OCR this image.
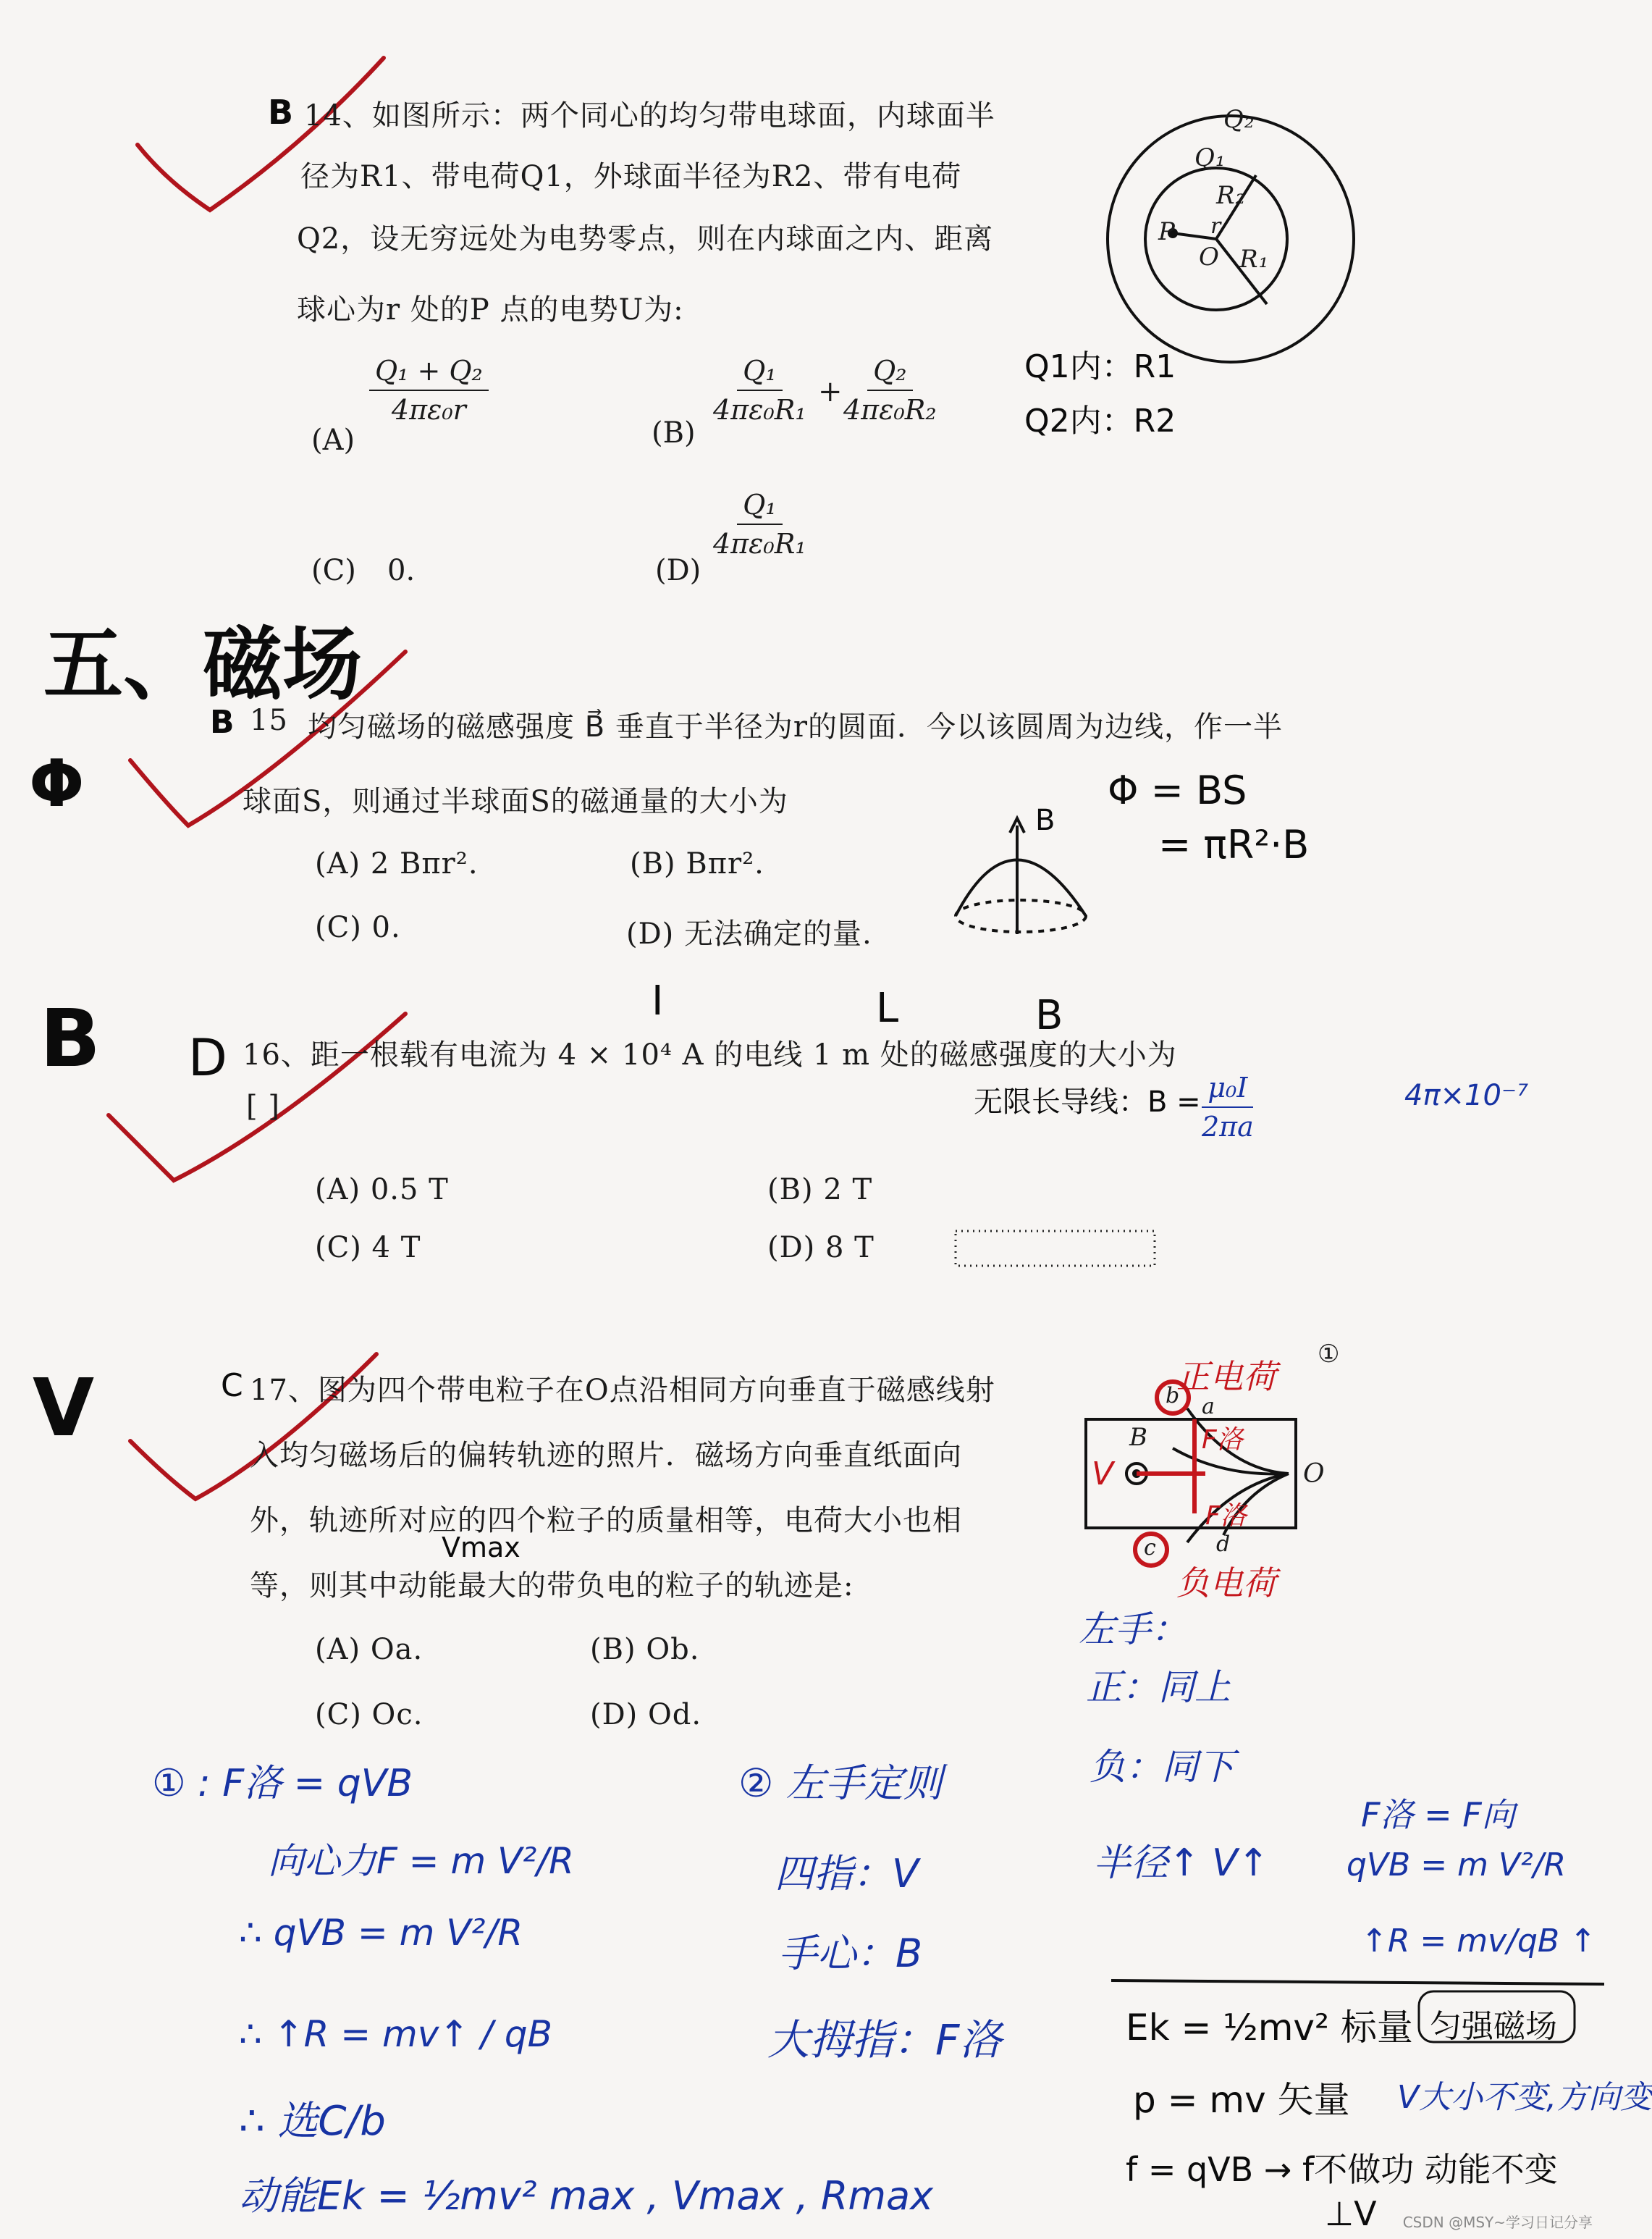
B 14、如图所示：两个同心的均匀带电球面，内球面半
径为R1、带电荷Q1，外球面半径为R2、带有电荷
Q2，设无穷远处为电势零点，则在内球面之内、距离
球心为r 处的P 点的电势U为:
(A)
$\frac{\text{Q₁ + Q₂}}{\text{4πε₀r}}$
(B)
$\frac{\text{Q₁}}{\text{4πε₀R₁}} + \frac{\text{Q₂}}{\text{4πε₀R₂}}$
(C) 0.	(D)
$\frac{\text{Q₁}}{\text{4πε₀R₁}}$
Q₂
Q₁
R₂
P r
O R₁
Q1内：R1
Q2内：R2
五、磁场
Φ
B 15 均匀磁场的磁感强度 B⃗ 垂直于半径为r的圆面．今以该圆周为边线，作一半
球面S，则通过半球面S的磁通量的大小为
(A) 2 Bπr².	(B) Bπr².
(C) 0.	(D) 无法确定的量.
B
Φ = BS
= πR²·B
B D
I	L	B
16、距一根载有电流为 4 × 10⁴ A 的电线 1 m 处的磁感强度的大小为
[ ]
(A) 0.5 T	(B) 2 T
(C) 4 T	(D) 8 T
无限长导线：$B = \frac{\text{μ₀I}}{2\pi a}$	4π×10⁻⁷
V	C 17、图为四个带电粒子在O点沿相同方向垂直于磁感线射
入均匀磁场后的偏转轨迹的照片．磁场方向垂直纸面向
外，轨迹所对应的四个粒子的质量相等，电荷大小也相
等，则其中动能最大的带负电的粒子的轨迹是:
Vmax
(A) Oa.	(B) Ob.
(C) Oc.	(D) Od.
B
O
b a
c	d
V
F洛
F洛
正电荷
负电荷
①
① : F洛 = qVB
向心力F = m V²/R
∴ qVB = m V²/R
∴ ↑R = mv↑ / qB
∴ 选C/b
动能Ek = ½mv² max , Vmax , Rmax
② 左手定则
四指：V
手心：B
大拇指：F洛
左手：
正：同上
负：同下
半径↑ V↑
F洛 = F向
qVB = m V²/R
↑R = mv/qB ↑
Ek = ½mv² 标量 匀强磁场
p = mv 矢量 V大小不变,方向变
f = qVB → f不做功 动能不变
⊥V CSDN @MSY~学习日记分享
